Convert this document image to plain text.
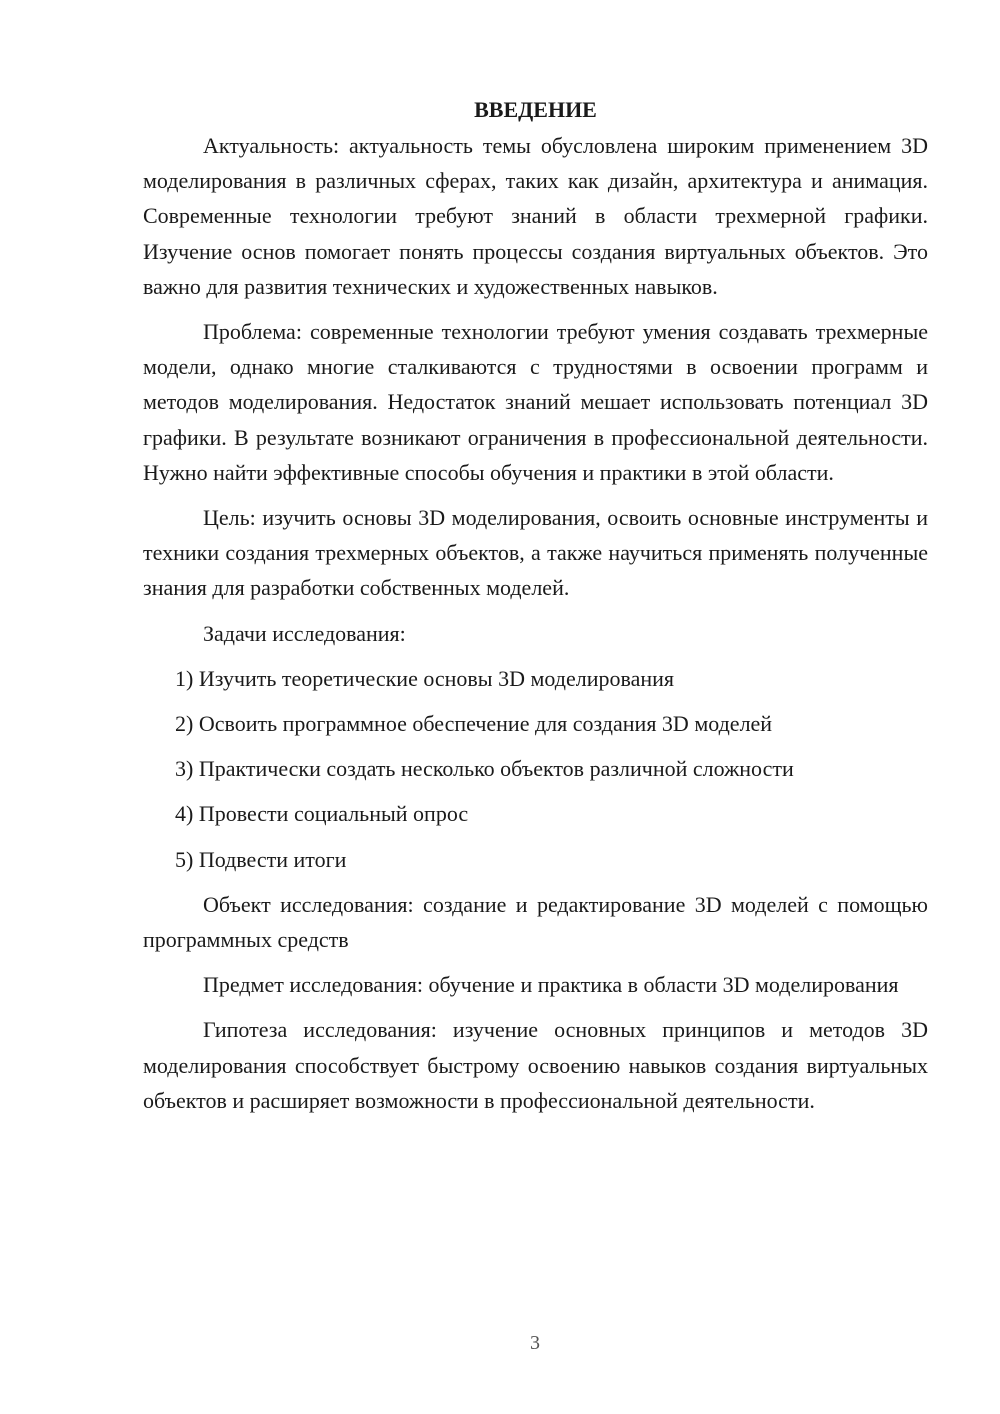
ВВЕДЕНИЕ

Актуальность: актуальность темы обусловлена широким применением 3D моделирования в различных сферах, таких как дизайн, архитектура и анимация. Современные технологии требуют знаний в области трехмерной графики. Изучение основ помогает понять процессы создания виртуальных объектов. Это важно для развития технических и художественных навыков.

Проблема: современные технологии требуют умения создавать трехмерные модели, однако многие сталкиваются с трудностями в освоении программ и методов моделирования. Недостаток знаний мешает использовать потенциал 3D графики. В результате возникают ограничения в профессиональной деятельности. Нужно найти эффективные способы обучения и практики в этой области.

Цель: изучить основы 3D моделирования, освоить основные инструменты и техники создания трехмерных объектов, а также научиться применять полученные знания для разработки собственных моделей.

Задачи исследования:

1) Изучить теоретические основы 3D моделирования

2) Освоить программное обеспечение для создания 3D моделей

3) Практически создать несколько объектов различной сложности

4) Провести социальный опрос

5) Подвести итоги

Объект исследования: создание и редактирование 3D моделей с помощью программных средств

Предмет исследования: обучение и практика в области 3D моделирования

Гипотеза исследования: изучение основных принципов и методов 3D моделирования способствует быстрому освоению навыков создания виртуальных объектов и расширяет возможности в профессиональной деятельности.

3
